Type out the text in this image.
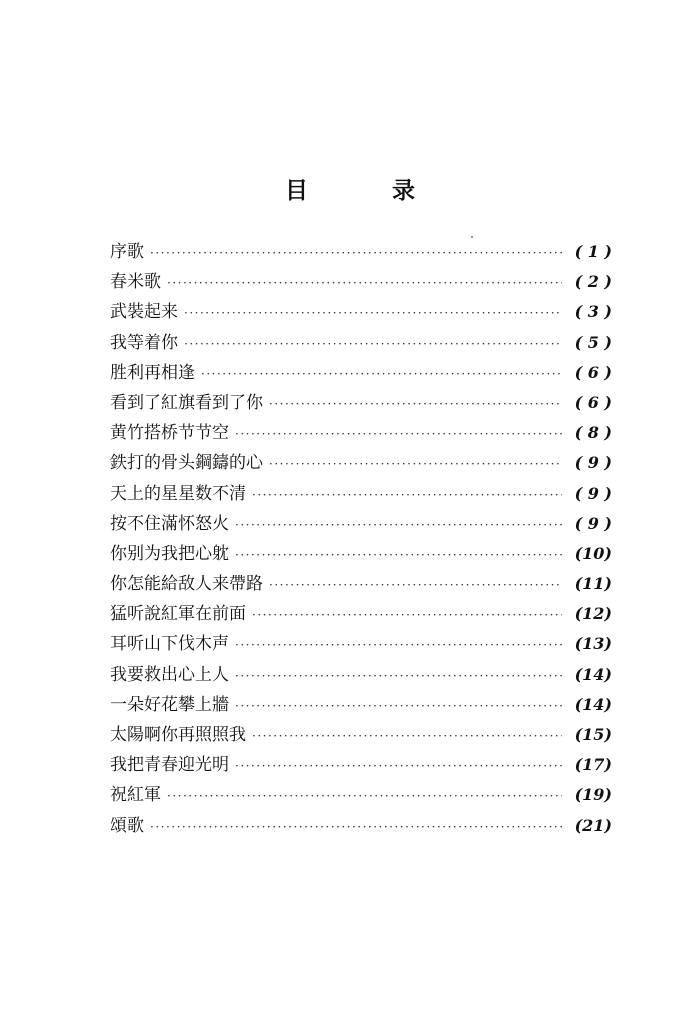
目 录
序歌 ·····	( 1 )
春米歌 ·····	( 2 )
武裝起来 ·····	( 3 )
我等着你 ·····	( 5 )
胜利再相逢 ·····	( 6 )
看到了紅旗看到了你 ·····	( 6 )
黄竹搭桥节节空 ·····	( 8 )
鉄打的骨头鋼鑄的心 ·····	( 9 )
天上的星星数不清 ·····	( 9 )
按不住滿怀怒火 ·····	( 9 )
你别为我把心躭 ·····	(10)
你怎能給敌人来帶路 ·····	(11)
猛听說紅軍在前面 ·····	(12)
耳听山下伐木声 ·····	(13)
我要救出心上人 ·····	(14)
一朵好花攀上牆 ·····	(14)
太陽啊你再照照我 ·····	(15)
我把青春迎光明 ·····	(17)
祝紅軍 ·····	(19)
頌歌 ·····	(21)
